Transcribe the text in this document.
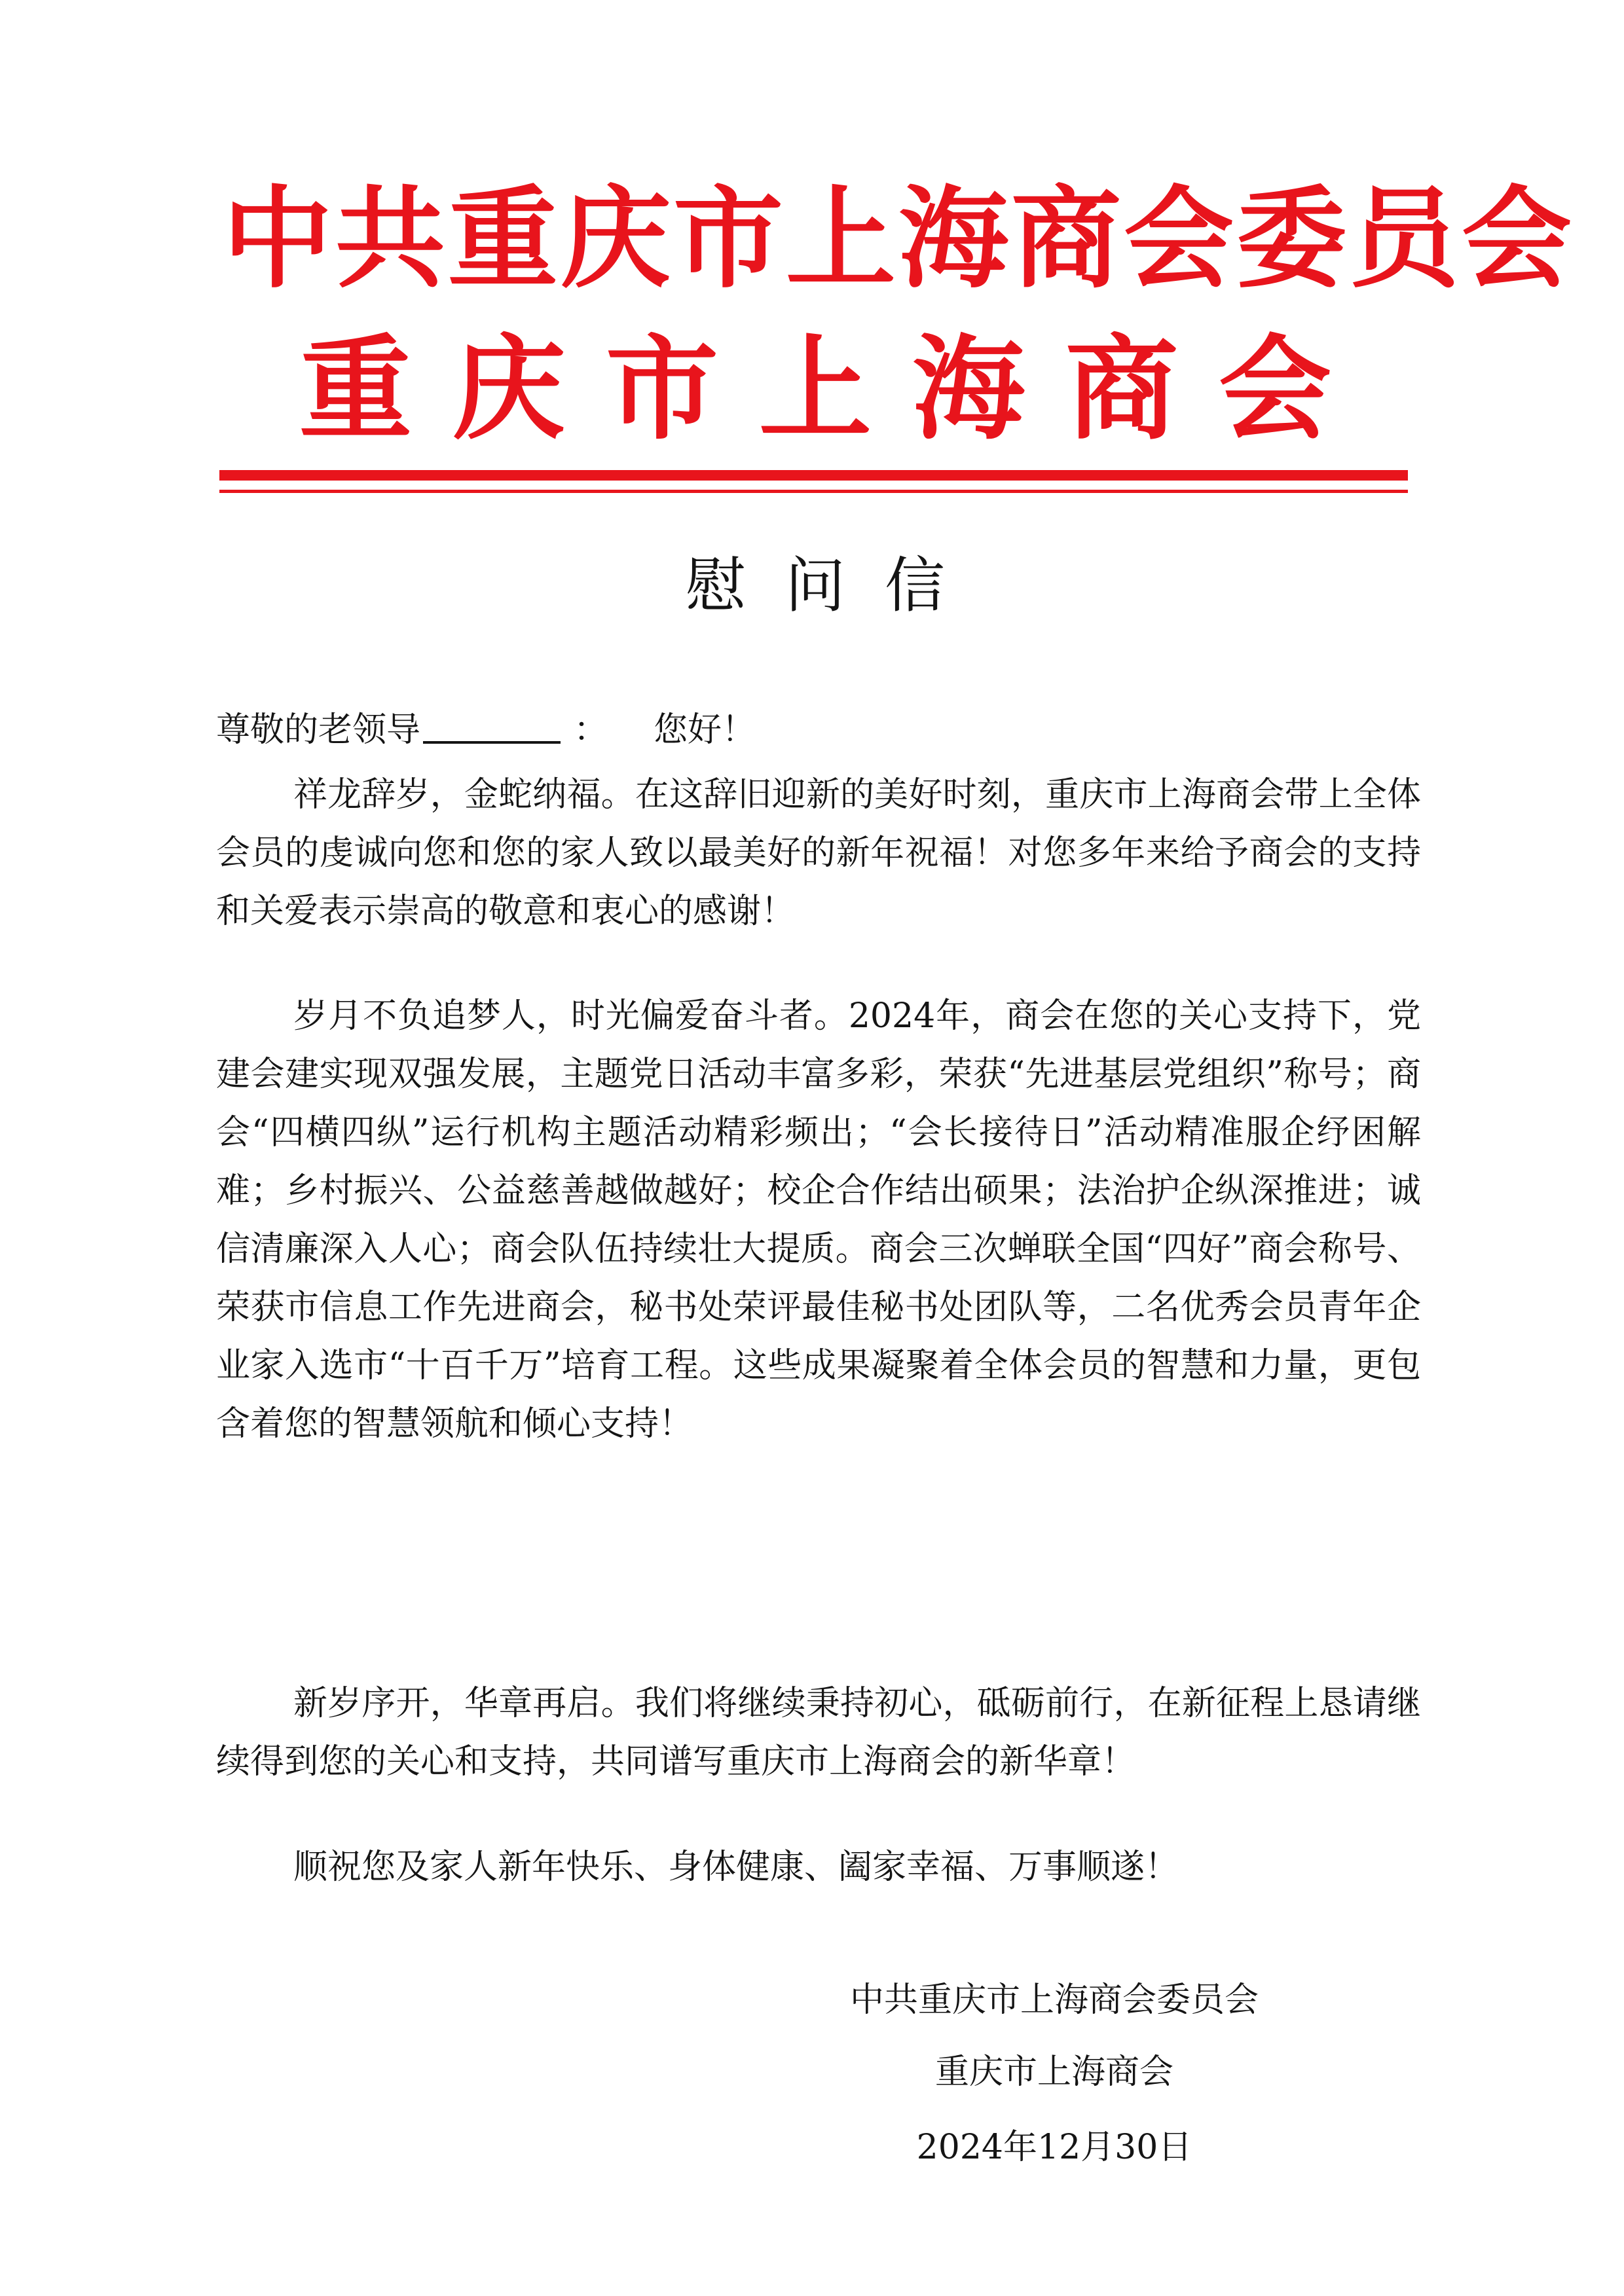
中共重庆市上海商会委员会
重庆市上海商会
慰问信
尊敬的老领导	： 您好！

祥龙辞岁，金蛇纳福。在这辞旧迎新的美好时刻，重庆市上海商会带上全体会员的虔诚向您和您的家人致以最美好的新年祝福！对您多年来给予商会的支持和关爱表示崇高的敬意和衷心的感谢！

岁月不负追梦人，时光偏爱奋斗者。2024年，商会在您的关心支持下，党建会建实现双强发展，主题党日活动丰富多彩，荣获“先进基层党组织”称号；商会“四横四纵”运行机构主题活动精彩频出；“会长接待日”活动精准服企纾困解难；乡村振兴、公益慈善越做越好；校企合作结出硕果；法治护企纵深推进；诚信清廉深入人心；商会队伍持续壮大提质。商会三次蝉联全国“四好”商会称号、荣获市信息工作先进商会，秘书处荣评最佳秘书处团队等，二名优秀会员青年企业家入选市“十百千万”培育工程。这些成果凝聚着全体会员的智慧和力量，更包含着您的智慧领航和倾心支持！

新岁序开，华章再启。我们将继续秉持初心，砥砺前行，在新征程上恳请继续得到您的关心和支持，共同谱写重庆市上海商会的新华章！

顺祝您及家人新年快乐、身体健康、阖家幸福、万事顺遂！

中共重庆市上海商会委员会
重庆市上海商会
2024年12月30日
